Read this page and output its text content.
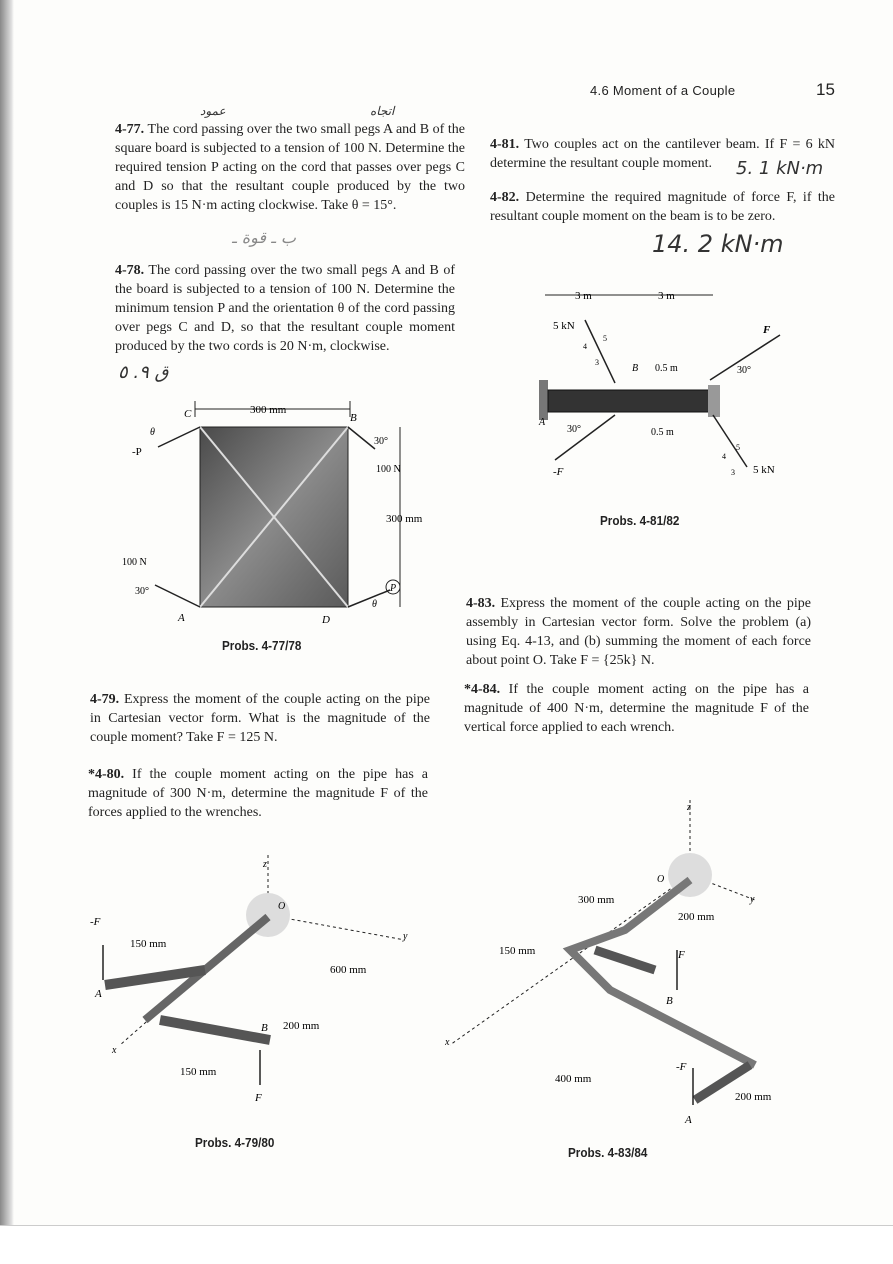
4.6 Moment of a Couple	15
عمود	اتجاه
ب ـ قوة ـ
ق ٩. ٥
5. 1 kN·m
14. 2 kN·m
4-77. The cord passing over the two small pegs A and B of the square board is subjected to a tension of 100 N. Determine the required tension P acting on the cord that passes over pegs C and D so that the resultant couple produced by the two couples is 15 N·m acting clockwise. Take θ = 15°.
4-78. The cord passing over the two small pegs A and B of the board is subjected to a tension of 100 N. Determine the minimum tension P and the orientation θ of the cord passing over pegs C and D, so that the resultant couple moment produced by the two cords is 20 N·m, clockwise.
4-79. Express the moment of the couple acting on the pipe in Cartesian vector form. What is the magnitude of the couple moment? Take F = 125 N.
*4-80. If the couple moment acting on the pipe has a magnitude of 300 N·m, determine the magnitude F of the forces applied to the wrenches.
4-81. Two couples act on the cantilever beam. If F = 6 kN determine the resultant couple moment.
4-82. Determine the required magnitude of force F, if the resultant couple moment on the beam is to be zero.
4-83. Express the moment of the couple acting on the pipe assembly in Cartesian vector form. Solve the problem (a) using Eq. 4-13, and (b) summing the moment of each force about point O. Take F = {25k} N.
*4-84. If the couple moment acting on the pipe has a magnitude of 400 N·m, determine the magnitude F of the vertical force applied to each wrench.
300 mm
300 mm
30°
100 N
100 N
30°
-P
θ
P
θ
C	B
A	D
Probs. 4-77/78
3 m	3 m
5 kN
5
4
3
B 0.5 m
F
30°
A
-F
30°	0.5 m
5 kN
5
4
3
Probs. 4-81/82
-F
150 mm
A
600 mm
B 200 mm
150 mm
F
z
y
x
O
Probs. 4-79/80
F
-F
300 mm
200 mm
150 mm
400 mm
200 mm
B
A
z
y
x
O
Probs. 4-83/84
